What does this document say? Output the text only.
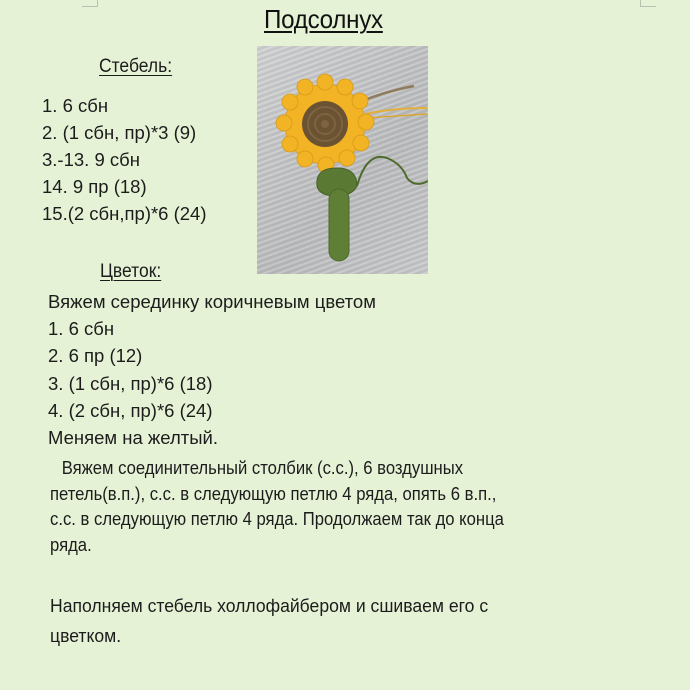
Подсолнух
Стебель:
1. 6 сбн
2. (1 сбн, пр)*3 (9)
3.-13. 9 сбн
14. 9 пр (18)
15.(2 сбн,пр)*6 (24)
Цветок:
Вяжем серединку коричневым цветом
1. 6 сбн
2. 6 пр (12)
3. (1 сбн, пр)*6 (18)
4. (2 сбн, пр)*6 (24)
Меняем на желтый.
Вяжем соединительный столбик (с.с.), 6 воздушных
петель(в.п.), с.с. в следующую петлю 4 ряда, опять 6 в.п.,
с.с. в следующую петлю 4 ряда. Продолжаем так до конца
ряда.
Наполняем стебель холлофайбером и сшиваем его с
цветком.
